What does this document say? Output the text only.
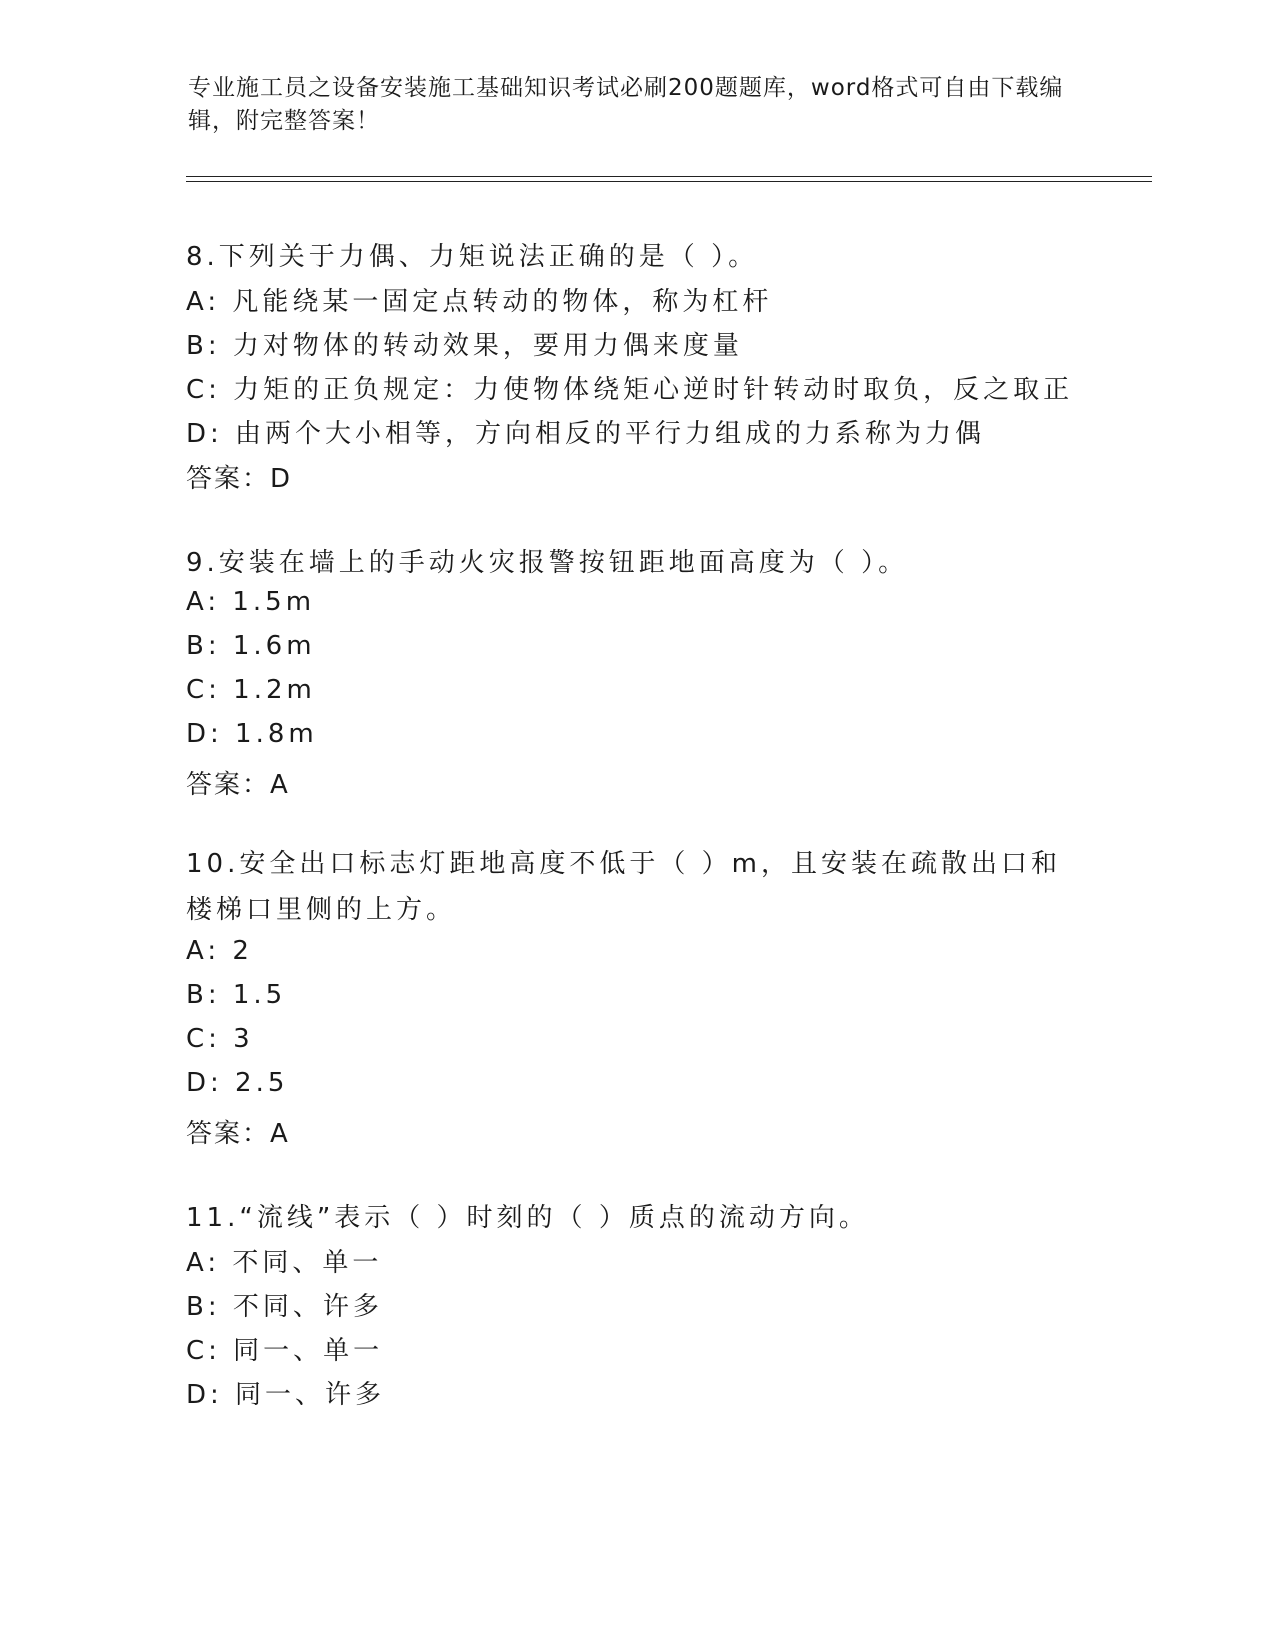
专业施工员之设备安装施工基础知识考试必刷200题题库，word格式可自由下载编辑，附完整答案！
8.下列关于力偶、力矩说法正确的是（ ）。
A: 凡能绕某一固定点转动的物体，称为杠杆
B: 力对物体的转动效果，要用力偶来度量
C: 力矩的正负规定：力使物体绕矩心逆时针转动时取负，反之取正
D: 由两个大小相等，方向相反的平行力组成的力系称为力偶
答案：D
9.安装在墙上的手动火灾报警按钮距地面高度为（ ）。
A: 1.5m
B: 1.6m
C: 1.2m
D: 1.8m
答案：A
10.安全出口标志灯距地高度不低于（ ）m，且安装在疏散出口和楼梯口里侧的上方。
A: 2
B: 1.5
C: 3
D: 2.5
答案：A
11.“流线”表示（ ）时刻的（ ）质点的流动方向。
A: 不同、单一
B: 不同、许多
C: 同一、单一
D: 同一、许多
